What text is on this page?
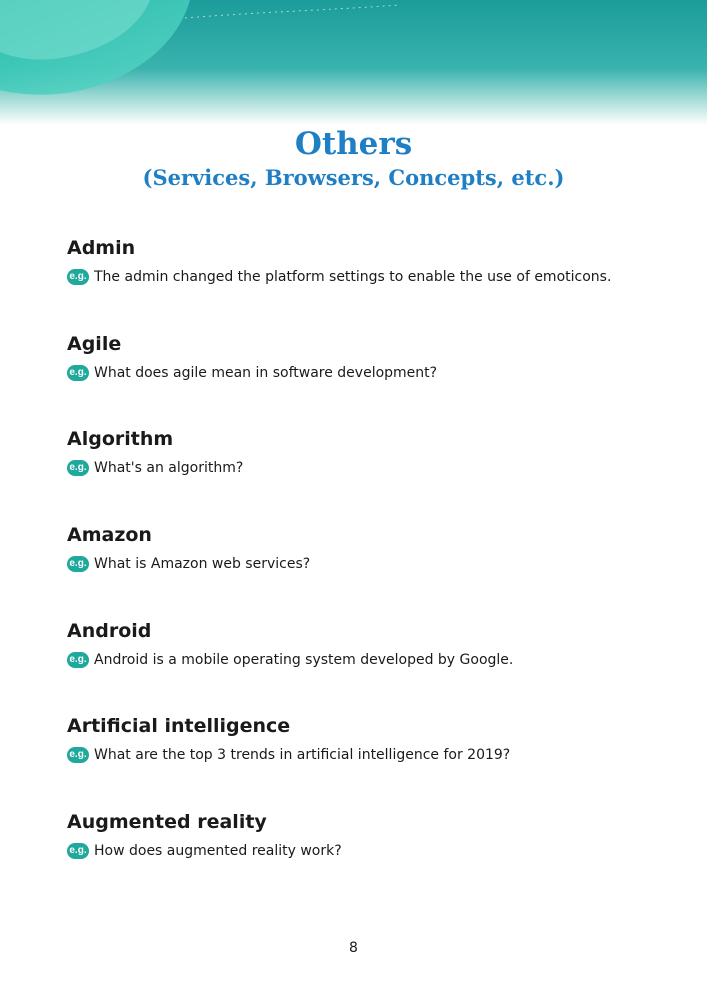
Others
(Services, Browsers, Concepts, etc.)
Admin
e.g. The admin changed the platform settings to enable the use of emoticons.
Agile
e.g. What does agile mean in software development?
Algorithm
e.g. What's an algorithm?
Amazon
e.g. What is Amazon web services?
Android
e.g. Android is a mobile operating system developed by Google.
Artificial intelligence
e.g. What are the top 3 trends in artificial intelligence for 2019?
Augmented reality
e.g. How does augmented reality work?
8
